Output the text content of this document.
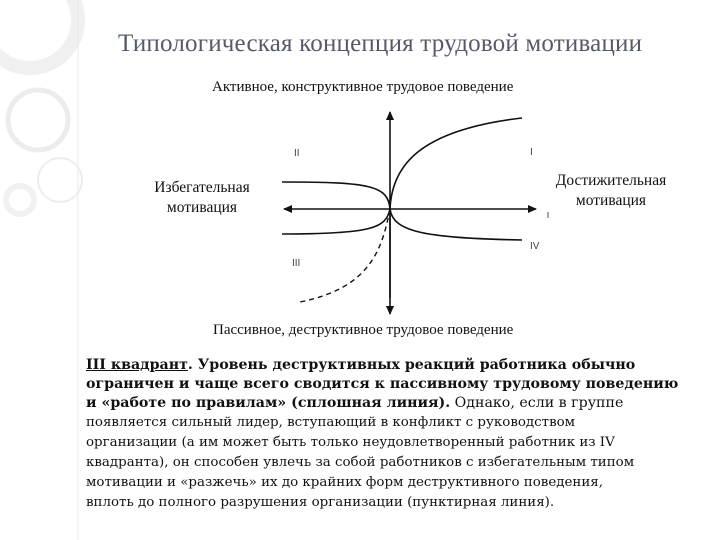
Типологическая концепция трудовой мотивации
Активное, конструктивное трудовое поведение
Пассивное, деструктивное трудовое поведение
Избегательная
мотивация
Достижительная
мотивация
II	I
III
IV
III квадрант. Уровень деструктивных реакций работника обычно
ограничен и чаще всего сводится к пассивному трудовому поведению
и «работе по правилам» (сплошная линия). Однако, если в группе
появляется сильный лидер, вступающий в конфликт с руководством
организации (а им может быть только неудовлетворенный работник из IV
квадранта), он способен увлечь за собой работников с избегательным типом
мотивации и «разжечь» их до крайних форм деструктивного поведения,
вплоть до полного разрушения организации (пунктирная линия).
